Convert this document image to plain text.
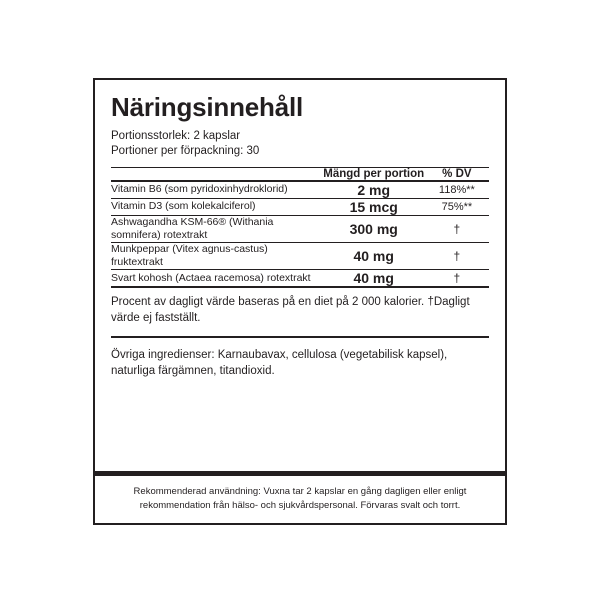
Näringsinnehåll

Portionsstorlek: 2 kapslar

Portioner per förpackning: 30

	Mängd per portion	% DV
Vitamin B6 (som pyridoxinhydroklorid)	2 mg	118%**
Vitamin D3 (som kolekalciferol)	15 mcg	75%**
Ashwagandha KSM-66® (Withania somnifera) rotextrakt	300 mg	†
Munkpeppar (Vitex agnus-castus) fruktextrakt	40 mg	†
Svart kohosh (Actaea racemosa) rotextrakt	40 mg	†
Procent av dagligt värde baseras på en diet på 2 000 kalorier. †Dagligt värde ej fastställt.
Övriga ingredienser: Karnaubavax, cellulosa (vegetabilisk kapsel), naturliga färgämnen, titandioxid.

Rekommenderad användning: Vuxna tar 2 kapslar en gång dagligen eller enligt rekommendation från hälso- och sjukvårdspersonal. Förvaras svalt och torrt.
